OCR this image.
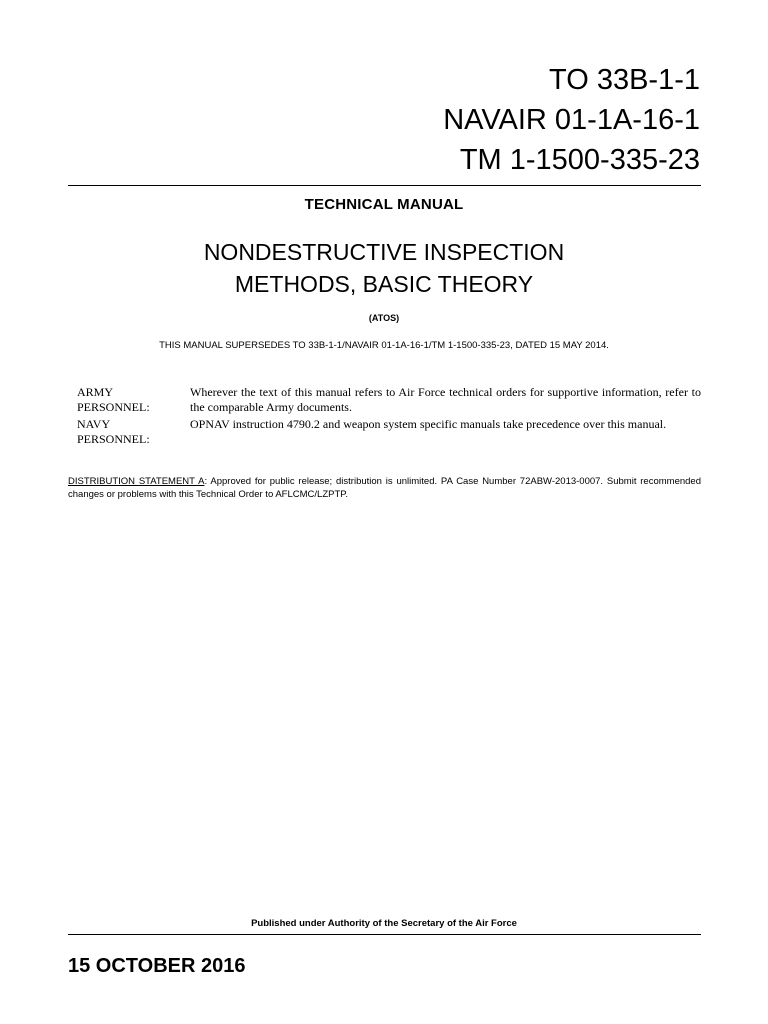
TO 33B-1-1
NAVAIR 01-1A-16-1
TM 1-1500-335-23
TECHNICAL MANUAL
NONDESTRUCTIVE INSPECTION
METHODS, BASIC THEORY
(ATOS)
THIS MANUAL SUPERSEDES TO 33B-1-1/NAVAIR 01-1A-16-1/TM 1-1500-335-23, DATED 15 MAY 2014.
ARMY
PERSONNEL:
Wherever the text of this manual refers to Air Force technical orders for supportive information, refer to the comparable Army documents.
NAVY
PERSONNEL:
OPNAV instruction 4790.2 and weapon system specific manuals take precedence over this manual.
DISTRIBUTION STATEMENT A: Approved for public release; distribution is unlimited. PA Case Number 72ABW-2013-0007. Submit recommended changes or problems with this Technical Order to AFLCMC/LZPTP.
Published under Authority of the Secretary of the Air Force
15 OCTOBER 2016
